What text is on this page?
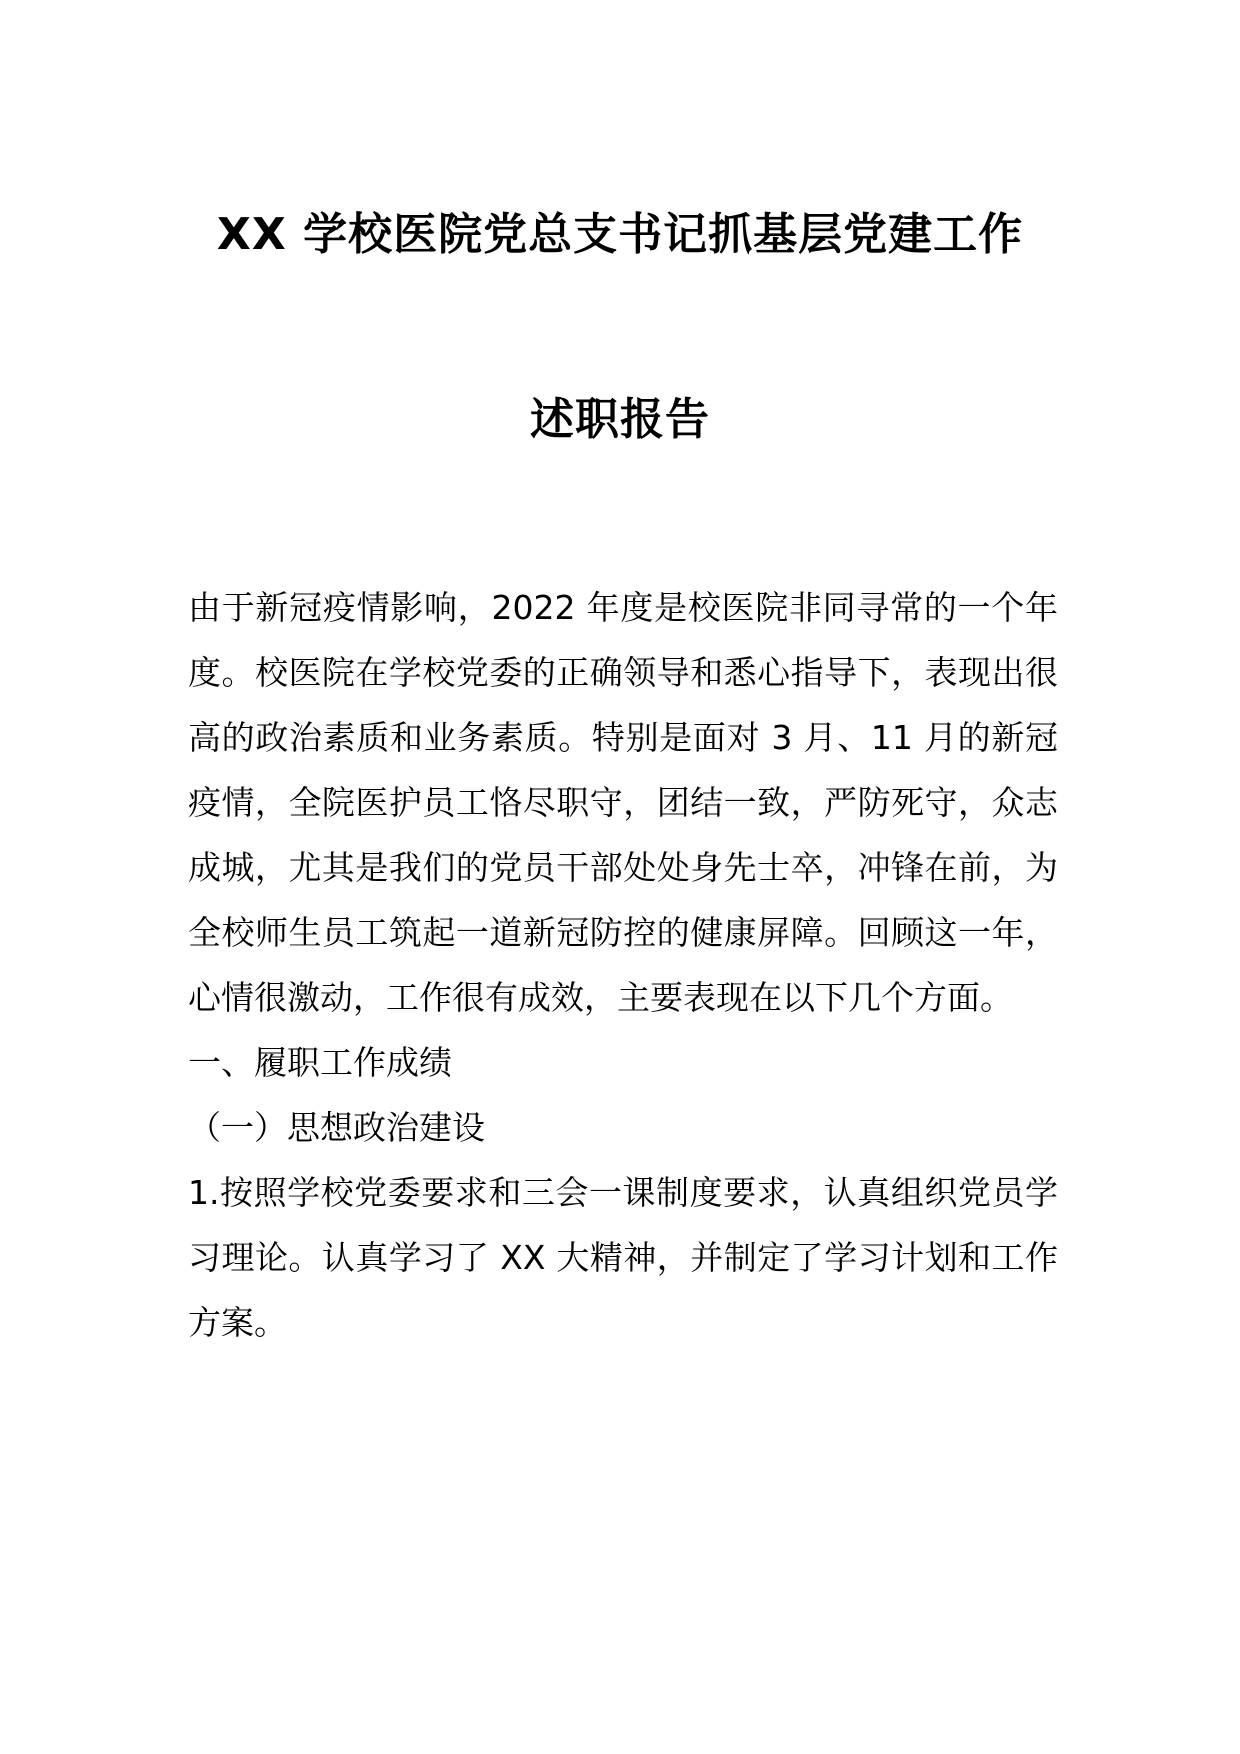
XX 学校医院党总支书记抓基层党建工作
述职报告

由于新冠疫情影响，2022 年度是校医院非同寻常的一个年度。校医院在学校党委的正确领导和悉心指导下，表现出很高的政治素质和业务素质。特别是面对 3 月、11 月的新冠疫情，全院医护员工恪尽职守，团结一致，严防死守，众志成城，尤其是我们的党员干部处处身先士卒，冲锋在前，为全校师生员工筑起一道新冠防控的健康屏障。回顾这一年，心情很激动，工作很有成效，主要表现在以下几个方面。

一、履职工作成绩

（一）思想政治建设

1.按照学校党委要求和三会一课制度要求，认真组织党员学习理论。认真学习了 XX 大精神，并制定了学习计划和工作方案。
